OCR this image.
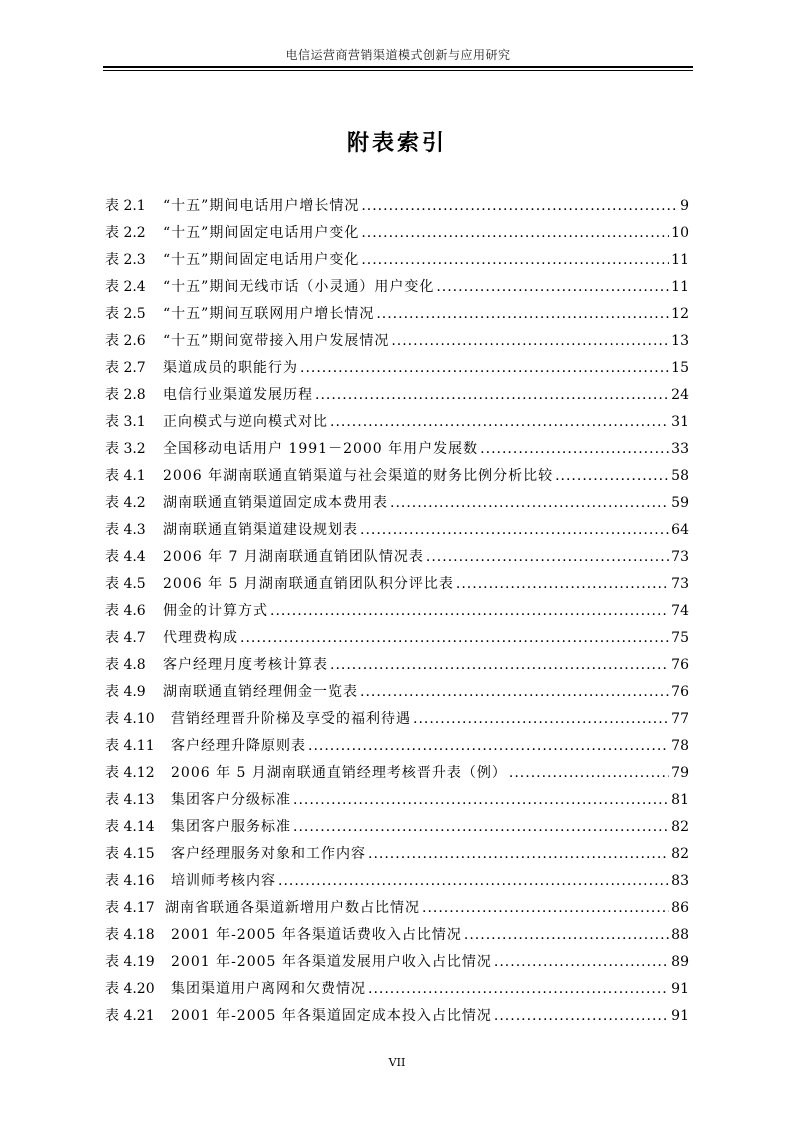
电信运营商营销渠道模式创新与应用研究
附表索引
表 2.1	“十五”期间电话用户增长情况 .....	9
表 2.2	“十五”期间固定电话用户变化 .....	10
表 2.3	“十五”期间固定电话用户变化 .....	11
表 2.4	“十五”期间无线市话（小灵通）用户变化 .....	11
表 2.5	“十五”期间互联网用户增长情况 .....	12
表 2.6	“十五”期间宽带接入用户发展情况 .....	13
表 2.7	渠道成员的职能行为 .....	15
表 2.8	电信行业渠道发展历程 .....	24
表 3.1	正向模式与逆向模式对比 .....	31
表 3.2	全国移动电话用户 1991－2000 年用户发展数 .....	33
表 4.1	2006 年湖南联通直销渠道与社会渠道的财务比例分析比较 .....	58
表 4.2	湖南联通直销渠道固定成本费用表 .....	59
表 4.3	湖南联通直销渠道建设规划表 .....	64
表 4.4	2006 年 7 月湖南联通直销团队情况表 .....	73
表 4.5	2006 年 5 月湖南联通直销团队积分评比表 .....	73
表 4.6	佣金的计算方式 .....	74
表 4.7	代理费构成 .....	75
表 4.8	客户经理月度考核计算表 .....	76
表 4.9	湖南联通直销经理佣金一览表 .....	76
表 4.10	营销经理晋升阶梯及享受的福利待遇 .....	77
表 4.11	客户经理升降原则表 .....	78
表 4.12	2006 年 5 月湖南联通直销经理考核晋升表（例） .....	79
表 4.13	集团客户分级标准 .....	81
表 4.14	集团客户服务标准 .....	82
表 4.15	客户经理服务对象和工作内容 .....	82
表 4.16	培训师考核内容 .....	83
表 4.17 湖南省联通各渠道新增用户数占比情况 .....	86
表 4.18	2001 年-2005 年各渠道话费收入占比情况 .....	88
表 4.19	2001 年-2005 年各渠道发展用户收入占比情况 .....	89
表 4.20	集团渠道用户离网和欠费情况 .....	91
表 4.21	2001 年-2005 年各渠道固定成本投入占比情况 .....	91
VII
